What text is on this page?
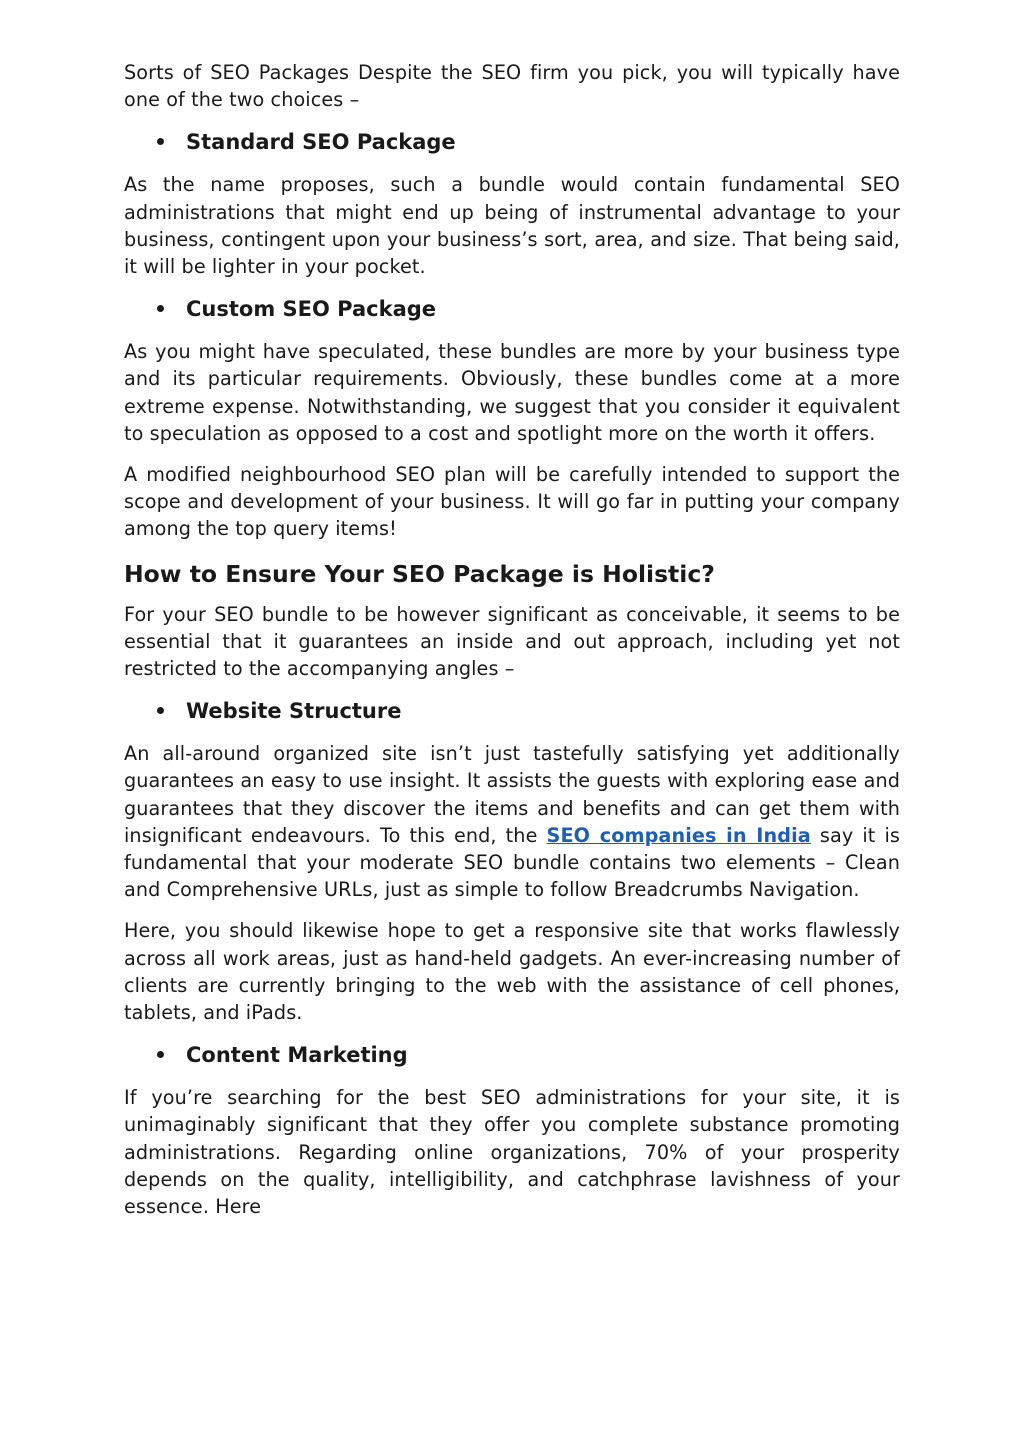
Sorts of SEO Packages Despite the SEO firm you pick, you will typically have one of the two choices –

Standard SEO Package

As the name proposes, such a bundle would contain fundamental SEO administrations that might end up being of instrumental advantage to your business, contingent upon your business’s sort, area, and size. That being said, it will be lighter in your pocket.

Custom SEO Package

As you might have speculated, these bundles are more by your business type and its particular requirements. Obviously, these bundles come at a more extreme expense. Notwithstanding, we suggest that you consider it equivalent to speculation as opposed to a cost and spotlight more on the worth it offers.

A modified neighbourhood SEO plan will be carefully intended to support the scope and development of your business. It will go far in putting your company among the top query items!

How to Ensure Your SEO Package is Holistic?

For your SEO bundle to be however significant as conceivable, it seems to be essential that it guarantees an inside and out approach, including yet not restricted to the accompanying angles –

Website Structure

An all-around organized site isn’t just tastefully satisfying yet additionally guarantees an easy to use insight. It assists the guests with exploring ease and guarantees that they discover the items and benefits and can get them with insignificant endeavours. To this end, the SEO companies in India say it is fundamental that your moderate SEO bundle contains two elements – Clean and Comprehensive URLs, just as simple to follow Breadcrumbs Navigation.

Here, you should likewise hope to get a responsive site that works flawlessly across all work areas, just as hand-held gadgets. An ever-increasing number of clients are currently bringing to the web with the assistance of cell phones, tablets, and iPads.

Content Marketing

If you’re searching for the best SEO administrations for your site, it is unimaginably significant that they offer you complete substance promoting administrations. Regarding online organizations, 70% of your prosperity depends on the quality, intelligibility, and catchphrase lavishness of your essence. Here
